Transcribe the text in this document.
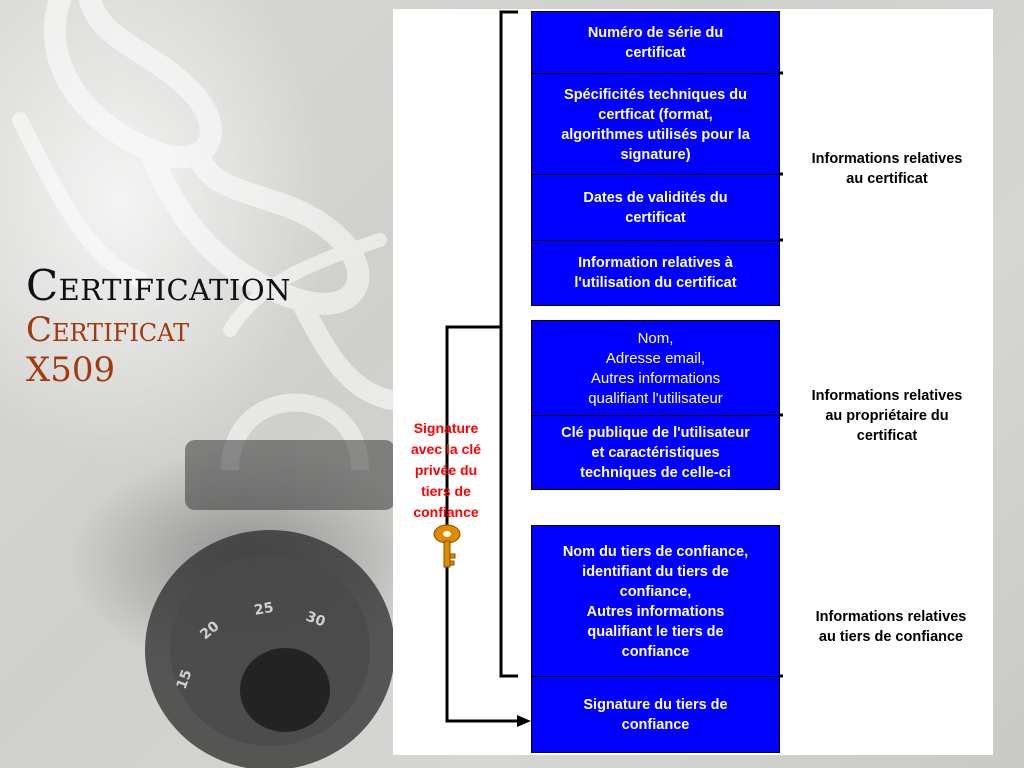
20
25 30
15
Certification
Certificat
X509
Numéro de série du
certificat
Spécificités techniques du
certficat (format,
algorithmes utilisés pour la
signature)
Dates de validités du
certificat
Information relatives à
l'utilisation du certificat
Nom,
Adresse email,
Autres informations
qualifiant l'utilisateur
Clé publique de l'utilisateur
et caractéristiques
techniques de celle-ci
Nom du tiers de confiance,
identifiant du tiers de
confiance,
Autres informations
qualifiant le tiers de
confiance
Signature du tiers de
confiance
Informations relatives
au certificat
Informations relatives
au propriétaire du
certificat
Informations relatives
au tiers de confiance
Signature
avec la clé
privée du
tiers de
confiance
